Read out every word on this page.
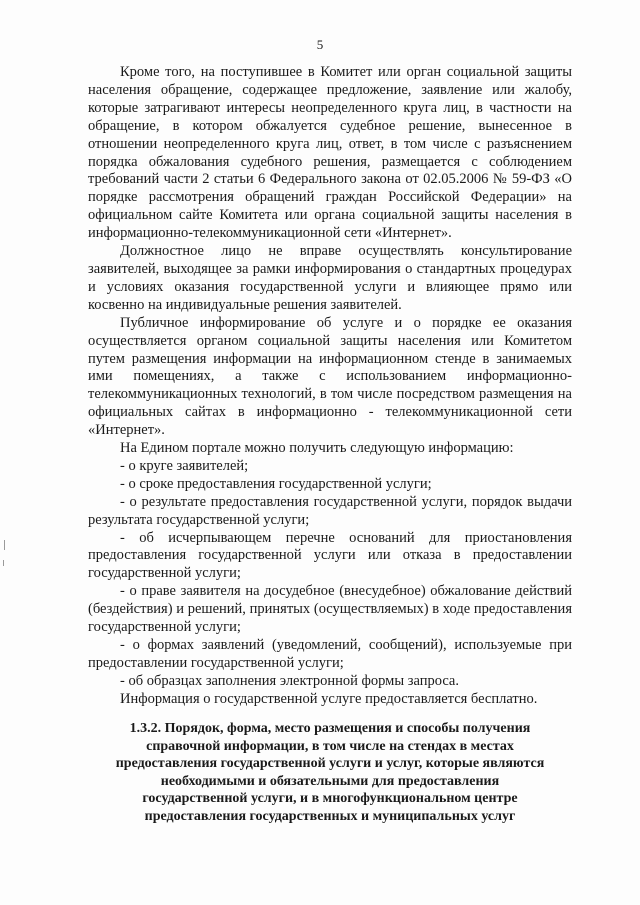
5

Кроме того, на поступившее в Комитет или орган социальной защиты населения обращение, содержащее предложение, заявление или жалобу, которые затрагивают интересы неопределенного круга лиц, в частности на обращение, в котором обжалуется судебное решение, вынесенное в отношении неопределенного круга лиц, ответ, в том числе с разъяснением порядка обжалования судебного решения, размещается с соблюдением требований части 2 статьи 6 Федерального закона от 02.05.2006 № 59-ФЗ «О порядке рассмотрения обращений граждан Российской Федерации» на официальном сайте Комитета или органа социальной защиты населения в информационно-телекоммуникационной сети «Интернет».

Должностное лицо не вправе осуществлять консультирование заявителей, выходящее за рамки информирования о стандартных процедурах и условиях оказания государственной услуги и влияющее прямо или косвенно на индивидуальные решения заявителей.

Публичное информирование об услуге и о порядке ее оказания осуществляется органом социальной защиты населения или Комитетом путем размещения информации на информационном стенде в занимаемых ими помещениях, а также с использованием информационно-телекоммуникационных технологий, в том числе посредством размещения на официальных сайтах в информационно - телекоммуникационной сети «Интернет».

На Едином портале можно получить следующую информацию:

- о круге заявителей;

- о сроке предоставления государственной услуги;

- о результате предоставления государственной услуги, порядок выдачи результата государственной услуги;

- об исчерпывающем перечне оснований для приостановления предоставления государственной услуги или отказа в предоставлении государственной услуги;

- о праве заявителя на досудебное (внесудебное) обжалование действий (бездействия) и решений, принятых (осуществляемых) в ходе предоставления государственной услуги;

- о формах заявлений (уведомлений, сообщений), используемые при предоставлении государственной услуги;

- об образцах заполнения электронной формы запроса.

Информация о государственной услуге предоставляется бесплатно.

1.3.2. Порядок, форма, место размещения и способы получения
справочной информации, в том числе на стендах в местах
предоставления государственной услуги и услуг, которые являются
необходимыми и обязательными для предоставления
государственной услуги, и в многофункциональном центре
предоставления государственных и муниципальных услуг
